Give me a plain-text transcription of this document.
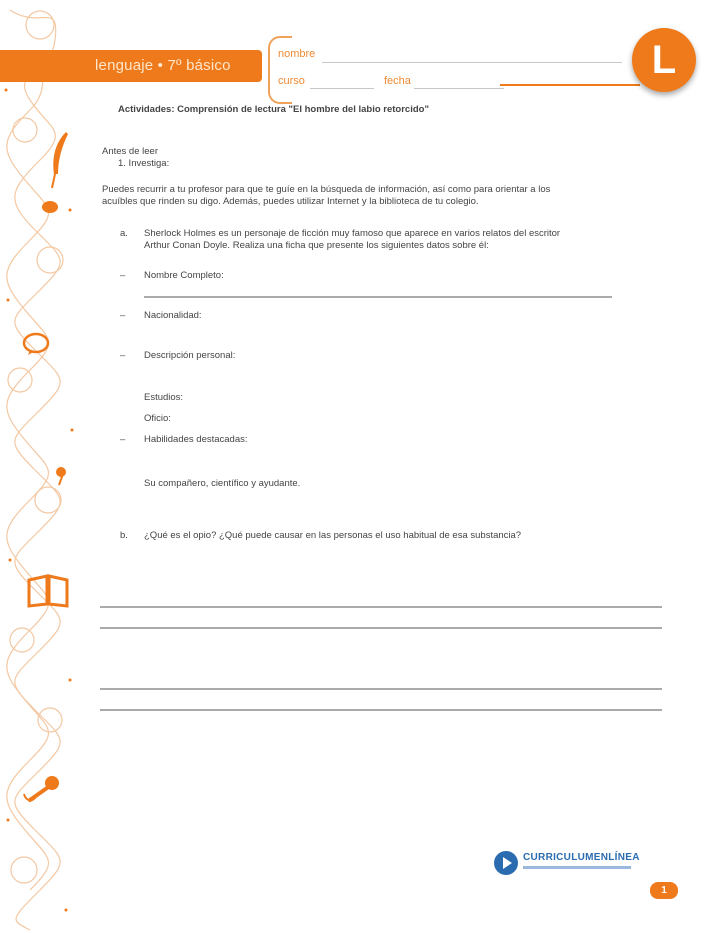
lenguaje • 7º básico
nombre
curso	fecha	L
Actividades: Comprensión de lectura "El hombre del labio retorcido"
Antes de leer
1. Investiga:
Puedes recurrir a tu profesor para que te guíe en la búsqueda de información, así como para orientar a los
acuíbles que rinden su digo. Además, puedes utilizar Internet y la biblioteca de tu colegio.
a. Sherlock Holmes es un personaje de ficción muy famoso que aparece en varios relatos del escritor
Arthur Conan Doyle. Realiza una ficha que presente los siguientes datos sobre él:
– Nombre Completo:
– Nacionalidad:
– Descripción personal:
Estudios:
Oficio:
– Habilidades destacadas:
Su compañero, científico y ayudante.
b. ¿Qué es el opio? ¿Qué puede causar en las personas el uso habitual de esa substancia?
CURRICULUMENLÍNEA
1
